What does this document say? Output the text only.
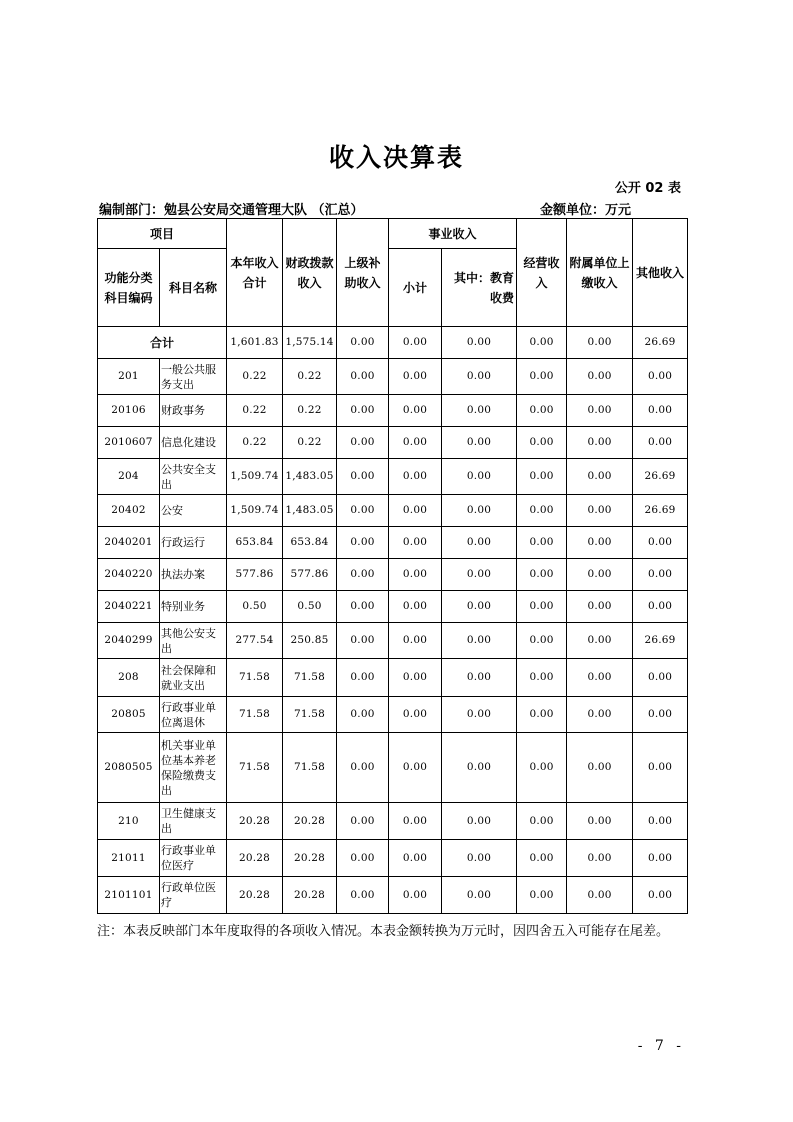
收入决算表
公开 02 表
编制部门：勉县公安局交通管理大队 （汇总）	金额单位：万元
项目		本年收入合计	财政拨款收入	上级补助收入	事业收入		经营收入	附属单位上缴收入	其他收入
功能分类科目编码	科目名称				小计	其中：教育收费			
合计		1,601.83	1,575.14	0.00	0.00	0.00	0.00	0.00	26.69
201	一般公共服务支出	0.22	0.22	0.00	0.00	0.00	0.00	0.00	0.00
20106	财政事务	0.22	0.22	0.00	0.00	0.00	0.00	0.00	0.00
2010607	信息化建设	0.22	0.22	0.00	0.00	0.00	0.00	0.00	0.00
204	公共安全支出	1,509.74	1,483.05	0.00	0.00	0.00	0.00	0.00	26.69
20402	公安	1,509.74	1,483.05	0.00	0.00	0.00	0.00	0.00	26.69
2040201	行政运行	653.84	653.84	0.00	0.00	0.00	0.00	0.00	0.00
2040220	执法办案	577.86	577.86	0.00	0.00	0.00	0.00	0.00	0.00
2040221	特别业务	0.50	0.50	0.00	0.00	0.00	0.00	0.00	0.00
2040299	其他公安支出	277.54	250.85	0.00	0.00	0.00	0.00	0.00	26.69
208	社会保障和就业支出	71.58	71.58	0.00	0.00	0.00	0.00	0.00	0.00
20805	行政事业单位离退休	71.58	71.58	0.00	0.00	0.00	0.00	0.00	0.00
2080505	机关事业单位基本养老保险缴费支出	71.58	71.58	0.00	0.00	0.00	0.00	0.00	0.00
210	卫生健康支出	20.28	20.28	0.00	0.00	0.00	0.00	0.00	0.00
21011	行政事业单位医疗	20.28	20.28	0.00	0.00	0.00	0.00	0.00	0.00
2101101	行政单位医疗	20.28	20.28	0.00	0.00	0.00	0.00	0.00	0.00
注：本表反映部门本年度取得的各项收入情况。本表金额转换为万元时，因四舍五入可能存在尾差。
- 7 -
